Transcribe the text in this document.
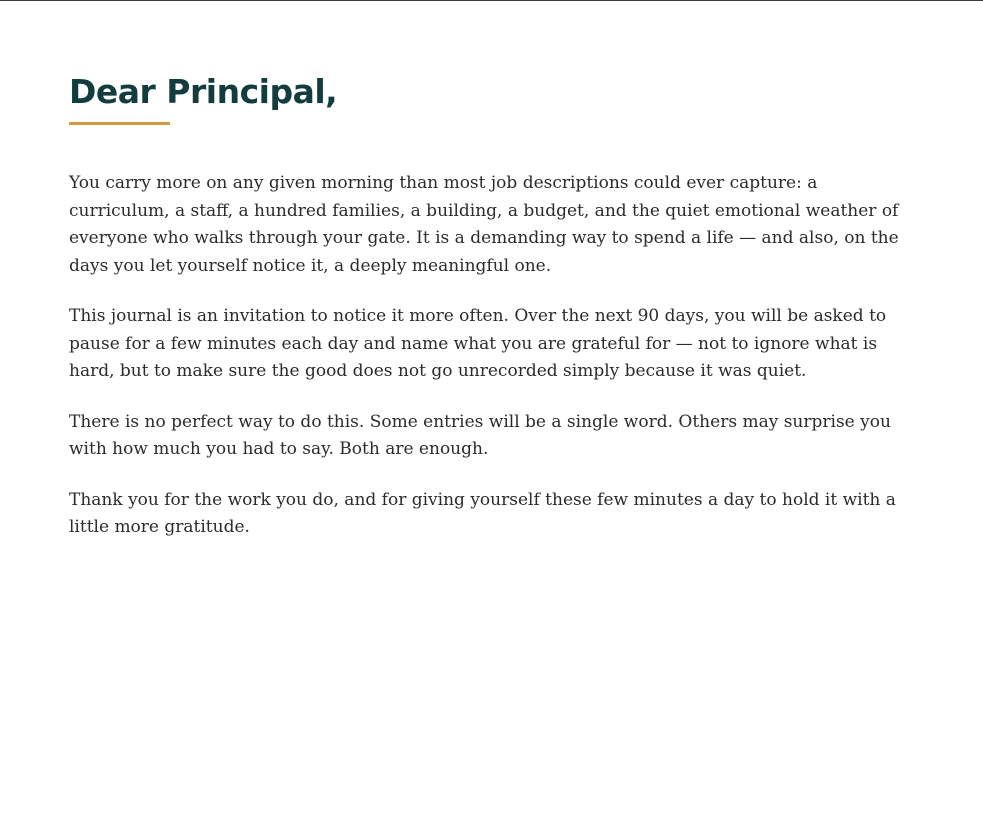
Dear Principal,

You carry more on any given morning than most job descriptions could ever capture: a curriculum, a staff, a hundred families, a building, a budget, and the quiet emotional weather of everyone who walks through your gate. It is a demanding way to spend a life — and also, on the days you let yourself notice it, a deeply meaningful one.

This journal is an invitation to notice it more often. Over the next 90 days, you will be asked to pause for a few minutes each day and name what you are grateful for — not to ignore what is hard, but to make sure the good does not go unrecorded simply because it was quiet.

There is no perfect way to do this. Some entries will be a single word. Others may surprise you with how much you had to say. Both are enough.

Thank you for the work you do, and for giving yourself these few minutes a day to hold it with a little more gratitude.
